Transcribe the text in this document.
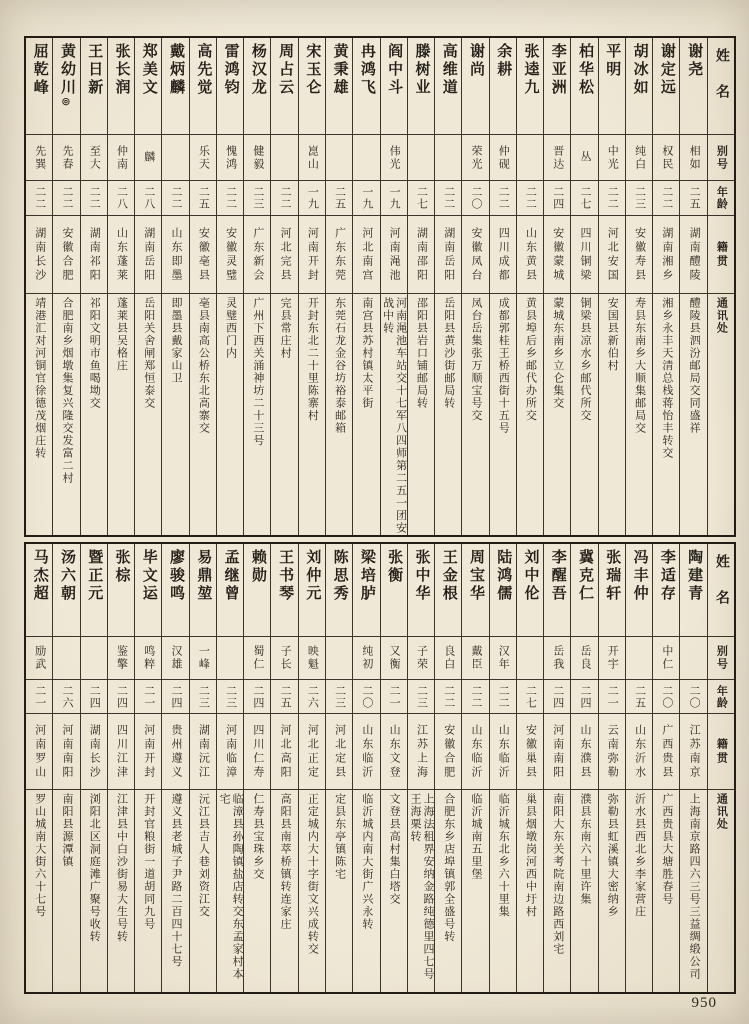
姓名
别号
年龄
籍贯
通讯处
谢尧
相如
二五
湖南醴陵
醴陵县泗汾邮局交同盛祥
谢定远
权民
二二
湖南湘乡
湘乡永丰天清总栈蒋怡丰转交
胡冰如
纯白
二三
安徽寿县
寿县东南乡大顺集邮局交
平明
中光
二二
河北安国
安国县新伯村
柏华松
丛
二七
四川铜梁
铜梁县凉水乡邮代所交
李亚洲
晋达
二四
安徽蒙城
蒙城东南乡立仑集交
张逵九
二二
山东黄县
黄县埠后乡邮代办所交
余耕
仲砚
二二
四川成都
成都郭桂王桥西街十五号
谢尚
荣光
二〇
安徽凤台
凤台岳集张万顺宝号交
高维道
二二
湖南岳阳
岳阳县黄沙街邮局转
滕树业
二七
湖南邵阳
邵阳县岩口铺邮局转
阎中斗
伟光
一九
河南渑池
河南渑池车站交十七军八四师第二五一团安战中转
冉鸿飞
一九
河北南宫
南宫县苏村镇太平街
黄秉雄
二五
广东东莞
东莞石龙金谷坊裕泰邮箱
宋玉仑
崑山
一九
河南开封
开封东北二十里陈寨村
周占云
二二
河北完县
完县常庄村
杨汉龙
健毅
二三
广东新会
广州下西关涌神坊二十三号
雷鸿钧
愧鸿
二二
安徽灵璧
灵璧西门内
高先觉
乐天
二五
安徽亳县
亳县南高公桥东北高寨交
戴炳麟
二二
山东即墨
即墨县戴家山卫
郑美文
麟
二八
湖南岳阳
岳阳关舍闸郑恒泰交
张长润
仲南
二八
山东蓬莱
蓬莱县吴格庄
王日新
至大
二二
湖南祁阳
祁阳文明市鱼喝坳交
黄幼川◎
先春
二二
安徽合肥
合肥南乡烟墩集复兴隆交发富二村
屈乾峰
先巽
二二
湖南长沙
靖港汇对河铜官徐德茂烟庄转
姓名
别号
年龄
籍贯
通讯处
陶建青
二〇
江苏南京
上海南京路四六三号三益绸缎公司
李适存
中仁
二〇
广西贵县
广西贵县大塘胜春号
冯丰仲
二五
山东沂水
沂水县西北乡李家营庄
张瑞轩
开宇
二一
云南弥勒
弥勒县虹溪镇大密纳乡
冀克仁
岳良
二四
山东濮县
濮县东南六十里许集
李醒吾
岳我
二四
河南南阳
南阳大东关考院南边路西刘宅
刘中伦
二七
安徽巢县
巢县烟墩岗河西中圩村
陆鸿儒
汉年
二二
山东临沂
临沂城东北乡六十里集
周宝华
戴臣
二二
山东临沂
临沂城南五里堡
王金根
良白
二二
安徽合肥
合肥东乡店埠镇郭全盛号转
张中华
子荣
二三
江苏上海
上海法租界安纳金路纯德里四七号王海栗转
张衡
又衡
二一
山东文登
文登县高村集白塔交
梁培胪
纯初
二〇
山东临沂
临沂城内南大街广兴永转
陈思秀
二三
河北定县
定县东亭镇陈宅
刘仲元
映魁
二六
河北正定
正定城内大十字街文兴成转交
王书琴
子长
二五
河北高阳
高阳县南萃桥镇转连家庄
赖勋
蜀仁
二四
四川仁寿
仁寿县宝珠乡交
孟继曾
二三
河南临漳
临漳县孙陶镇盐店转交东孟家村本宅
易鼎堃
一峰
二三
湖南沅江
沅江县吉人巷刘资江交
廖骏鸣
汉雄
二四
贵州遵义
遵义县老城子尹路二百四十七号
毕文运
鸣粹
二一
河南开封
开封官粮街一道胡同九号
张棕
鉴擎
二四
四川江津
江津县中白沙街易大生号转
暨正元
二四
湖南长沙
浏阳北区洞庭滩广聚号收转
汤六朝
二六
河南南阳
南阳县源潭镇
马杰超
励武
二一
河南罗山
罗山城南大街六十七号
950
